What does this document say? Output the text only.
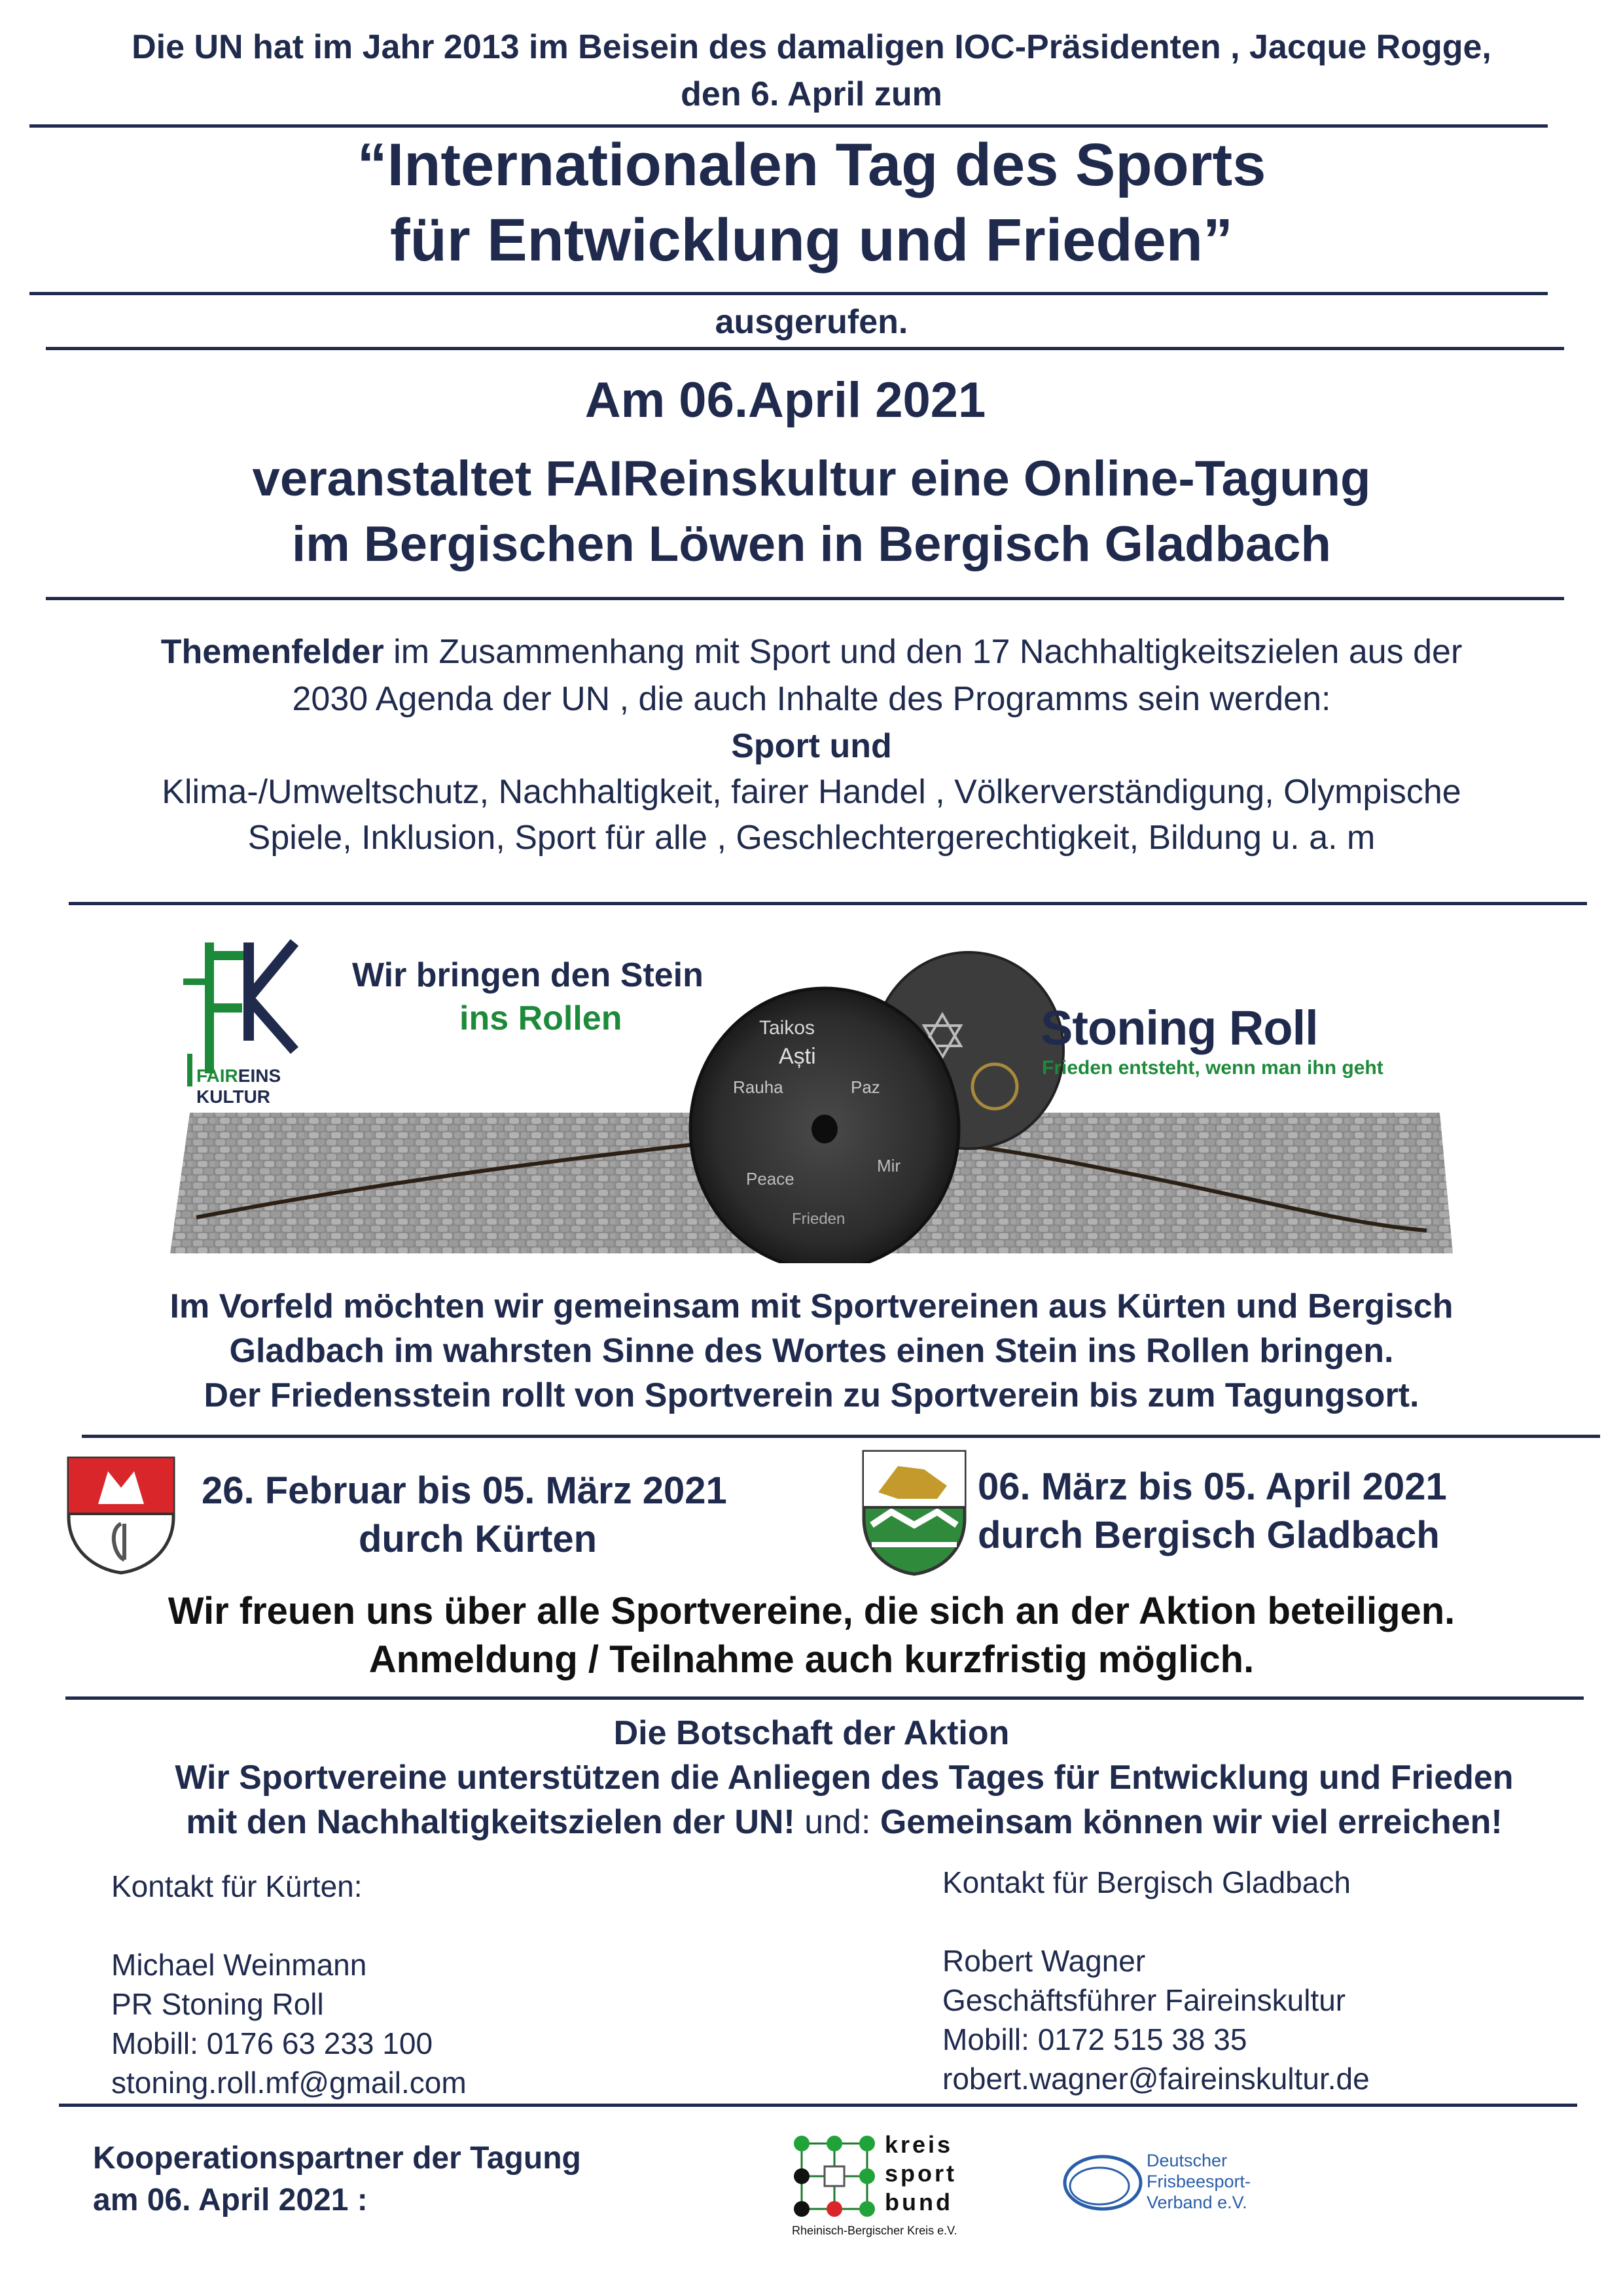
Die UN hat im Jahr 2013 im Beisein des damaligen IOC-Präsidenten , Jacque Rogge,
den 6. April zum
“Internationalen Tag des Sports
für Entwicklung und Frieden”
ausgerufen.
Am 06.April 2021
veranstaltet FAIReinskultur eine Online-Tagung
im Bergischen Löwen in Bergisch Gladbach
Themenfelder im Zusammenhang mit Sport und den 17 Nachhaltigkeitszielen aus der
2030 Agenda der UN , die auch Inhalte des Programms sein werden:
Sport und
Klima-/Umweltschutz, Nachhaltigkeit, fairer Handel , Völkerverständigung, Olympische
Spiele, Inklusion, Sport für alle , Geschlechtergerechtigkeit, Bildung u. a. m
Taikos
Aști
Rauha	Paz
Mir
Peace
Frieden
FAIREINS
KULTUR
Wir bringen den Stein
ins Rollen	Stoning Roll
Frieden entsteht, wenn man ihn geht
Im Vorfeld möchten wir gemeinsam mit Sportvereinen aus Kürten und Bergisch
Gladbach im wahrsten Sinne des Wortes einen Stein ins Rollen bringen.
Der Friedensstein rollt von Sportverein zu Sportverein bis zum Tagungsort.
26. Februar bis 05. März 2021
durch Kürten
06. März bis 05. April 2021
durch Bergisch Gladbach
Wir freuen uns über alle Sportvereine, die sich an der Aktion beteiligen.
Anmeldung / Teilnahme auch kurzfristig möglich.
Die Botschaft der Aktion
Wir Sportvereine unterstützen die Anliegen des Tages für Entwicklung und Frieden
mit den Nachhaltigkeitszielen der UN! und: Gemeinsam können wir viel erreichen!
Kontakt für Kürten:
Michael Weinmann
PR Stoning Roll
Mobill: 0176 63 233 100
stoning.roll.mf@gmail.com
Kontakt für Bergisch Gladbach
Robert Wagner
Geschäftsführer Faireinskultur
Mobill: 0172 515 38 35
robert.wagner@faireinskultur.de
Kooperationspartner der Tagung
am 06. April 2021 :
kreis
sport
bund
Rheinisch-Bergischer Kreis e.V.
Deutscher
Frisbeesport-
Verband e.V.
